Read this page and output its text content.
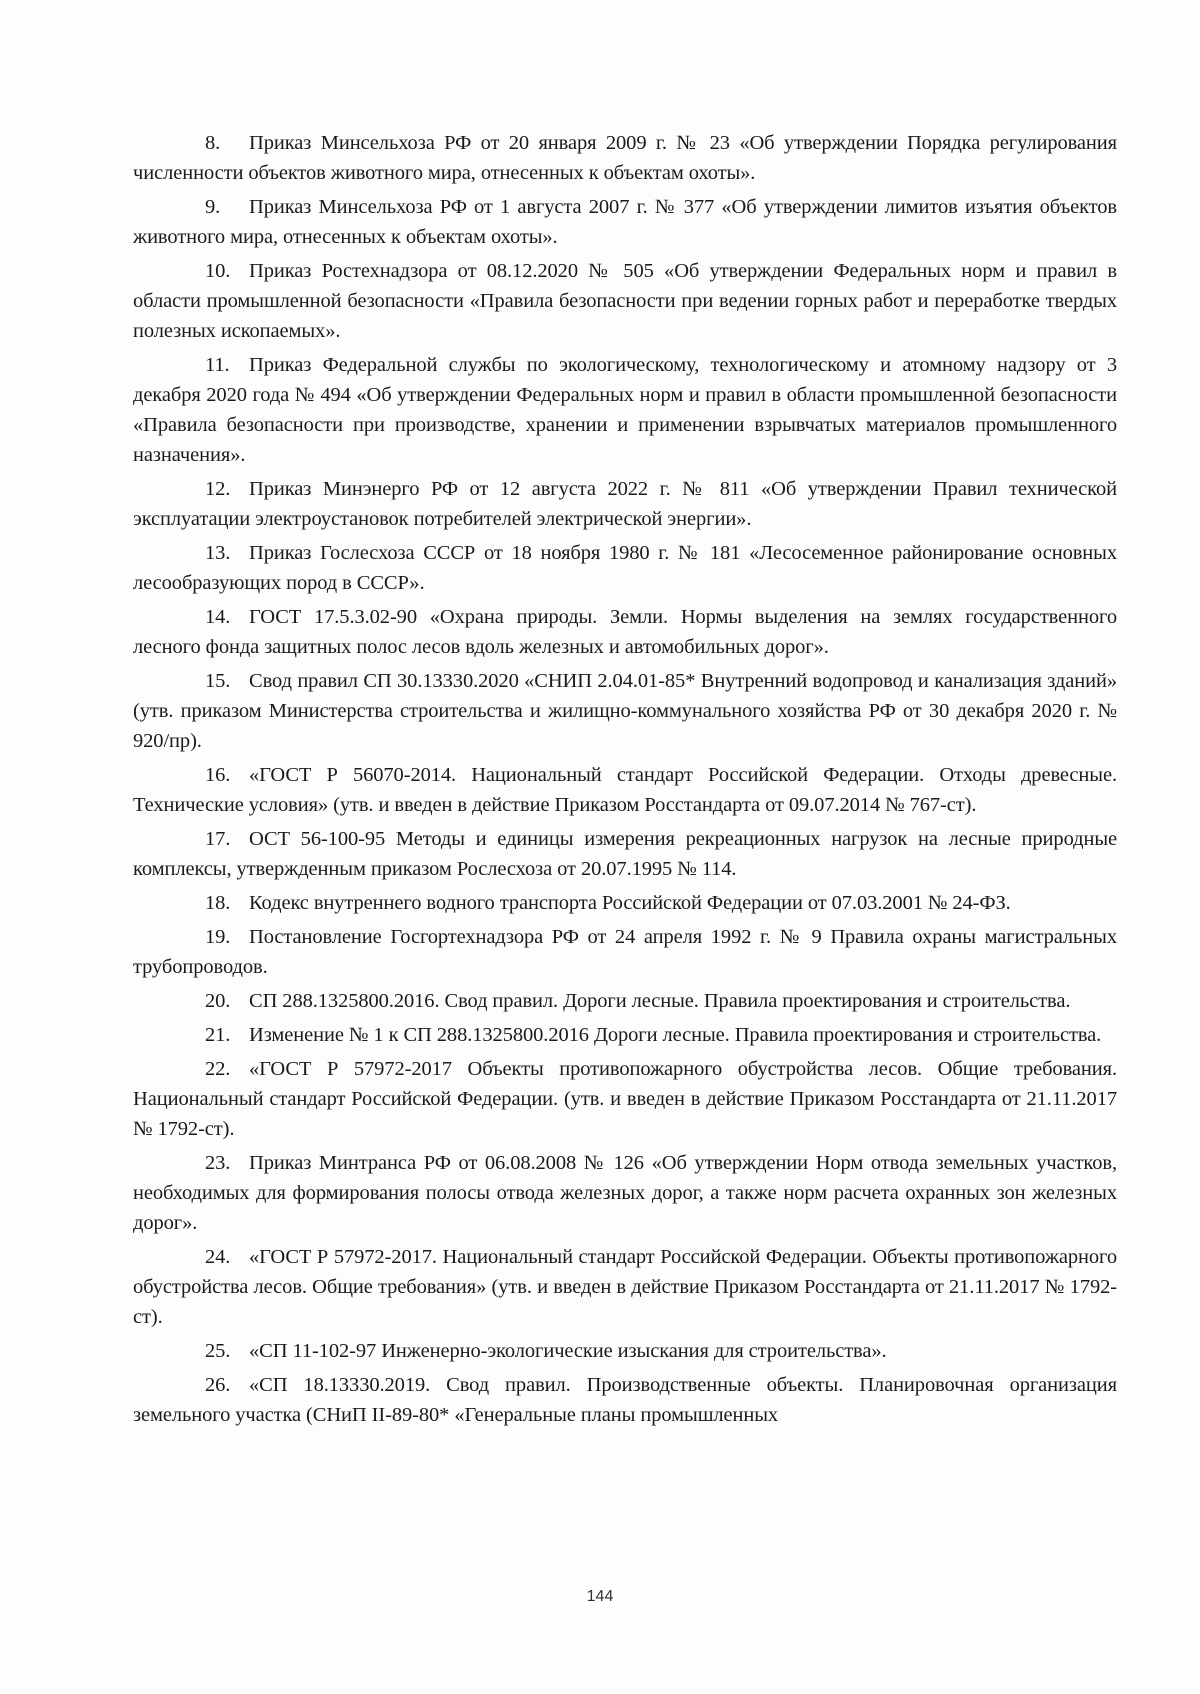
8. Приказ Минсельхоза РФ от 20 января 2009 г. № 23 «Об утверждении Порядка регулирования численности объектов животного мира, отнесенных к объектам охоты».

9. Приказ Минсельхоза РФ от 1 августа 2007 г. № 377 «Об утверждении лимитов изъятия объектов животного мира, отнесенных к объектам охоты».

10. Приказ Ростехнадзора от 08.12.2020 № 505 «Об утверждении Федеральных норм и правил в области промышленной безопасности «Правила безопасности при ведении горных работ и переработке твердых полезных ископаемых».

11. Приказ Федеральной службы по экологическому, технологическому и атомному надзору от 3 декабря 2020 года № 494 «Об утверждении Федеральных норм и правил в области промышленной безопасности «Правила безопасности при производстве, хранении и применении взрывчатых материалов промышленного назначения».

12. Приказ Минэнерго РФ от 12 августа 2022 г. № 811 «Об утверждении Правил технической эксплуатации электроустановок потребителей электрической энергии».

13. Приказ Гослесхоза СССР от 18 ноября 1980 г. № 181 «Лесосеменное районирование основных лесообразующих пород в СССР».

14. ГОСТ 17.5.3.02-90 «Охрана природы. Земли. Нормы выделения на землях государственного лесного фонда защитных полос лесов вдоль железных и автомобильных дорог».

15. Свод правил СП 30.13330.2020 «СНИП 2.04.01-85* Внутренний водопровод и канализация зданий» (утв. приказом Министерства строительства и жилищно-коммунального хозяйства РФ от 30 декабря 2020 г. № 920/пр).

16. «ГОСТ Р 56070-2014. Национальный стандарт Российской Федерации. Отходы древесные. Технические условия» (утв. и введен в действие Приказом Росстандарта от 09.07.2014 № 767-ст).

17. ОСТ 56-100-95 Методы и единицы измерения рекреационных нагрузок на лесные природные комплексы, утвержденным приказом Рослесхоза от 20.07.1995 № 114.

18. Кодекс внутреннего водного транспорта Российской Федерации от 07.03.2001 № 24-ФЗ.

19. Постановление Госгортехнадзора РФ от 24 апреля 1992 г. № 9 Правила охраны магистральных трубопроводов.

20. СП 288.1325800.2016. Свод правил. Дороги лесные. Правила проектирования и строительства.

21. Изменение № 1 к СП 288.1325800.2016 Дороги лесные. Правила проектирования и строительства.

22. «ГОСТ Р 57972-2017 Объекты противопожарного обустройства лесов. Общие требования. Национальный стандарт Российской Федерации. (утв. и введен в действие Приказом Росстандарта от 21.11.2017 № 1792-ст).

23. Приказ Минтранса РФ от 06.08.2008 № 126 «Об утверждении Норм отвода земельных участков, необходимых для формирования полосы отвода железных дорог, а также норм расчета охранных зон железных дорог».

24. «ГОСТ Р 57972-2017. Национальный стандарт Российской Федерации. Объекты противопожарного обустройства лесов. Общие требования» (утв. и введен в действие Приказом Росстандарта от 21.11.2017 № 1792-ст).

25. «СП 11-102-97 Инженерно-экологические изыскания для строительства».

26. «СП 18.13330.2019. Свод правил. Производственные объекты. Планировочная организация земельного участка (СНиП II-89-80* «Генеральные планы промышленных

144
